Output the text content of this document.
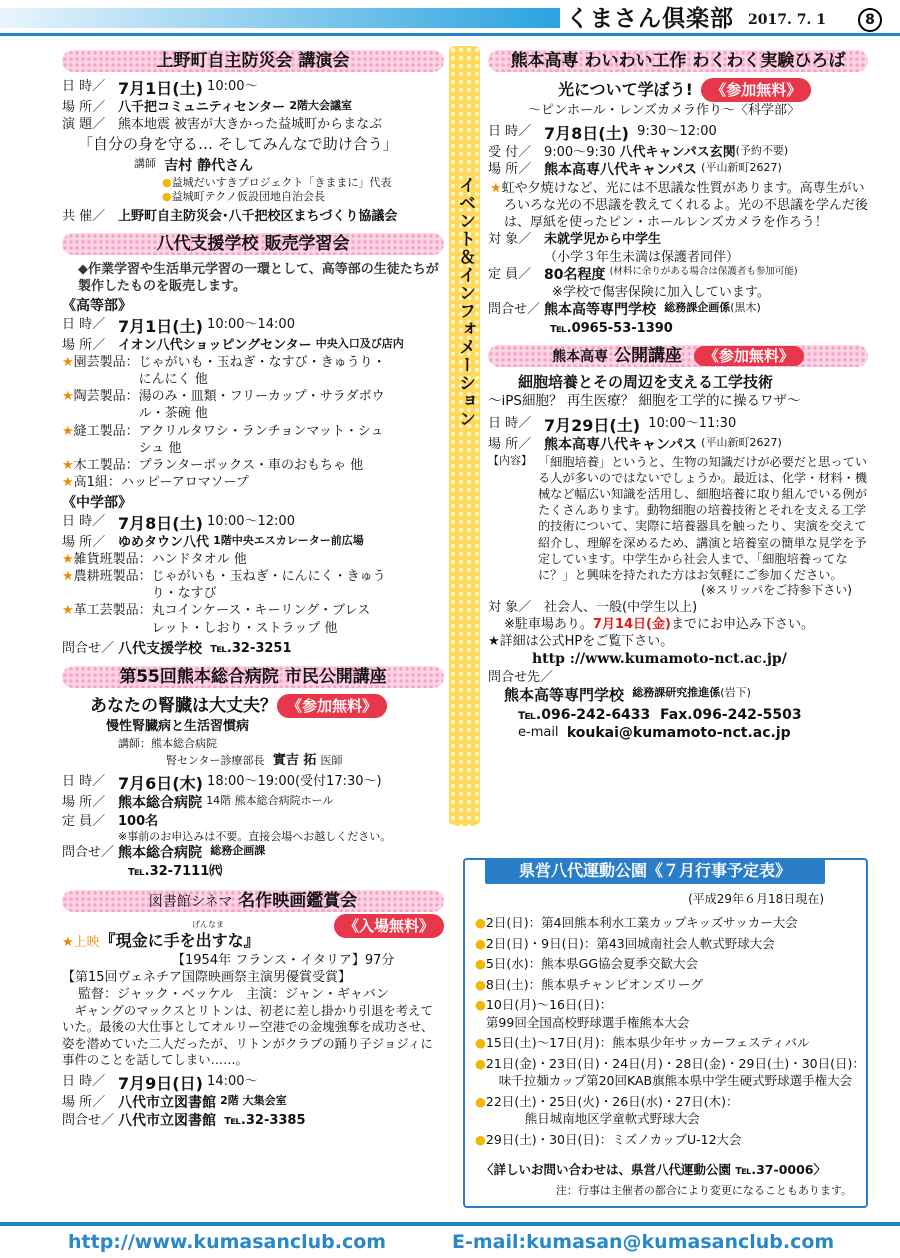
くまさん倶楽部 2017. 7. 1	8
イベント＆インフォメーション
上野町自主防災会 講演会
日 時／ 7月1日(土)
10:00～
場 所／ 八千把コミュニティセンター
2階大会議室
演 題／ 熊本地震 被害が大きかった益城町からまなぶ
「自分の身を守る… そしてみんなで助け合う」
講師
吉村 静代さん
● 益城だいすきプロジェクト「きままに」代表
● 益城町テクノ仮設団地自治会長
共 催／ 上野町自主防災会･八千把校区まちづくり協議会
八代支援学校 販売学習会
◆作業学習や生活単元学習の一環として、高等部の生徒たちが製作したものを販売します。
《高等部》
日 時／ 7月1日(土)
10:00～14:00
場 所／ イオン八代ショッピングセンター
中央入口及び店内
★ 園芸製品： じゃがいも・玉ねぎ・なすび・きゅうり・
にんにく 他
★ 陶芸製品： 湯のみ・皿類・フリーカップ・サラダボウ
ル・茶碗 他
★ 縫工製品： アクリルタワシ・ランチョンマット・シュ
シュ 他
★ 木工製品： プランターボックス・車のおもちゃ 他
★ 高1組： ハッピーアロマソープ
《中学部》
日 時／ 7月8日(土)
10:00～12:00
場 所／ ゆめタウン八代
1階中央エスカレーター前広場
★ 雑貨班製品： ハンドタオル 他
★ 農耕班製品： じゃがいも・玉ねぎ・にんにく・きゅう
り・なすび
★ 革工芸製品： 丸コインケース・キーリング・ブレス
レット・しおり・ストラップ 他
問合せ／ 八代支援学校
℡.32-3251
第55回熊本総合病院 市民公開講座
あなたの腎臓は大丈夫？ 《参加無料》
慢性腎臓病と生活習慣病
講師： 熊本総合病院
腎センター診療部長
實吉 拓
医師
日 時／ 7月6日(木)
18:00～19:00(受付17:30～)
場 所／ 熊本総合病院
14階 熊本総合病院ホール
定 員／ 100名
※事前のお申込みは不要。直接会場へお越しください。
問合せ／ 熊本総合病院
総務企画課
℡.32-7111㈹
図書館シネマ 名作映画鑑賞会
《入場無料》
げんなま
★上映 『現金に手を出すな』
【1954年 フランス・イタリア】97分
【第15回ヴェネチア国際映画祭主演男優賞受賞】
監督：ジャック・ベッケル　主演：ジャン・ギャバン
ギャングのマックスとリトンは、初老に差し掛かり引退を考えていた。最後の大仕事としてオルリー空港での金塊強奪を成功させ、姿を潜めていた二人だったが、リトンがクラブの踊り子ジョジィに事件のことを話してしまい……。
日 時／ 7月9日(日)
14:00～
場 所／ 八代市立図書館
2階 大集会室
問合せ／ 八代市立図書館
℡.32-3385
熊本高専 わいわい工作 わくわく実験ひろば
光について学ぼう!
	《参加無料》
～ピンホール・レンズカメラ作り～〈科学部〉
日 時／ 7月8日(土)
9:30～12:00
受 付／ 9:00～9:30
八代キャンパス玄関 (予約不要)
場 所／ 熊本高専八代キャンパス
(平山新町2627)
★虹や夕焼けなど、光には不思議な性質があります。高専生がいろいろな光の不思議を教えてくれるよ。光の不思議を学んだ後は、厚紙を使ったピン・ホールレンズカメラを作ろう！
対 象／ 未就学児から中学生
（小学３年生未満は保護者同伴）
定 員／ 80名程度
(材料に余りがある場合は保護者も参加可能)
※学校で傷害保険に加入しています。
問合せ／ 熊本高等専門学校
総務課企画係 (黒木)
℡.0965-53-1390
熊本高専 公開講座 《参加無料》
細胞培養とその周辺を支える工学技術
～iPS細胞？ 再生医療？ 細胞を工学的に操るワザ～
日 時／ 7月29日(土)
10:00～11:30
場 所／ 熊本高専八代キャンパス
(平山新町2627)
【内容】 「細胞培養」というと、生物の知識だけが必要だと思っている人が多いのではないでしょうか。最近は、化学・材料・機械など幅広い知識を活用し、細胞培養に取り組んでいる例がたくさんあります。動物細胞の培養技術とそれを支える工学的技術について、実際に培養器具を触ったり、実演を交えて紹介し、理解を深めるため、講演と培養室の簡単な見学を予定しています。中学生から社会人まで、「細胞培養ってなに？」と興味を持たれた方はお気軽にご参加ください。
(※スリッパをご持参下さい)
対 象／ 社会人、一般(中学生以上)
※駐車場あり。 7月14日(金) までにお申込み下さい。
★詳細は公式HPをご覧下さい。
http ://www.kumamoto-nct.ac.jp/
問合せ先／
熊本高等専門学校
総務課研究推進係 (岩下)
℡.096-242-6433
Fax.096-242-5503
e-mail
koukai@kumamoto-nct.ac.jp
県営八代運動公園《７月行事予定表》
(平成29年６月18日現在)
● 2日(日)：第4回熊本利水工業カップキッズサッカー大会
● 2日(日)・9日(日)：第43回城南社会人軟式野球大会
● 5日(水)：熊本県GG協会夏季交歓大会
● 8日(土)：熊本県チャンピオンズリーグ
● 10日(月)～16日(日)：
第99回全国高校野球選手権熊本大会
● 15日(土)～17日(月)：熊本県少年サッカーフェスティバル
● 21日(金)・23日(日)・24日(月)・28日(金)・29日(土)・30日(日)：
味千拉麺カップ第20回KAB旗熊本県中学生硬式野球選手権大会
● 22日(土)・25日(火)・26日(水)・27日(木)：
熊日城南地区学童軟式野球大会
● 29日(土)・30日(日)：ミズノカップU-12大会
〈詳しいお問い合わせは、県営八代運動公園 ℡.37-0006〉
注：行事は主催者の都合により変更になることもあります。
http://www.kumasanclub.com	E-mail:kumasan@kumasanclub.com
